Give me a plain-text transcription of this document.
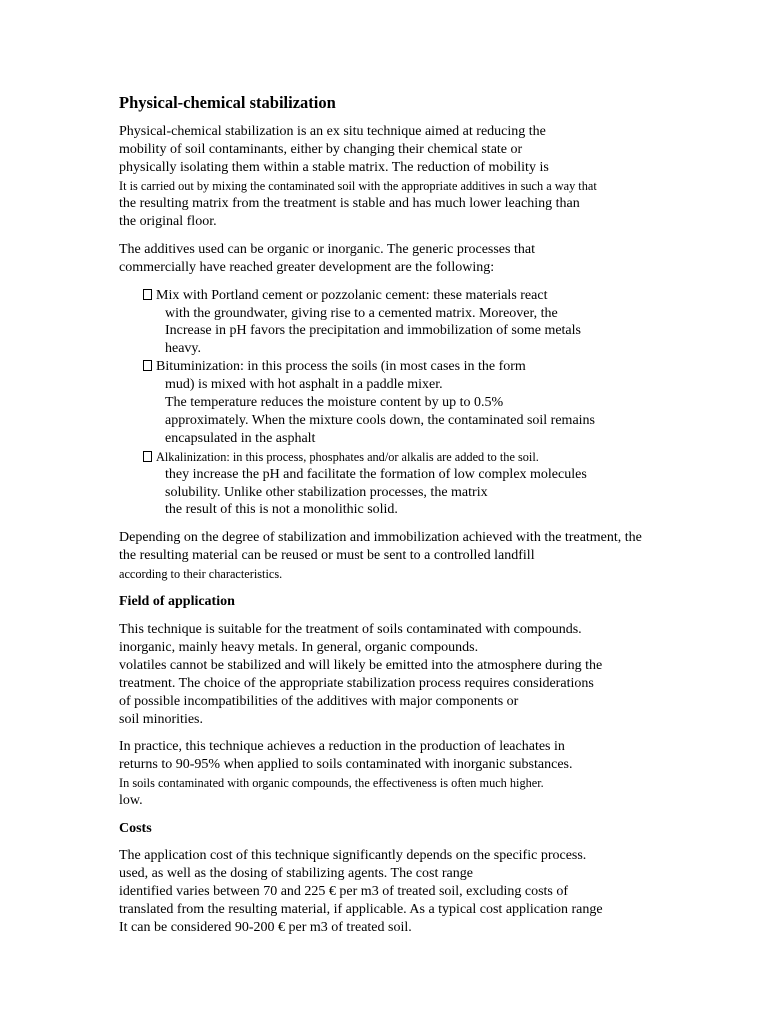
Physical-chemical stabilization
Physical-chemical stabilization is an ex situ technique aimed at reducing the
mobility of soil contaminants, either by changing their chemical state or
physically isolating them within a stable matrix. The reduction of mobility is
It is carried out by mixing the contaminated soil with the appropriate additives in such a way that
the resulting matrix from the treatment is stable and has much lower leaching than
the original floor.
The additives used can be organic or inorganic. The generic processes that
commercially have reached greater development are the following:
Mix with Portland cement or pozzolanic cement: these materials react
with the groundwater, giving rise to a cemented matrix. Moreover, the
Increase in pH favors the precipitation and immobilization of some metals
heavy.
Bituminization: in this process the soils (in most cases in the form
mud) is mixed with hot asphalt in a paddle mixer.
The temperature reduces the moisture content by up to 0.5%
approximately. When the mixture cools down, the contaminated soil remains
encapsulated in the asphalt
Alkalinization: in this process, phosphates and/or alkalis are added to the soil.
they increase the pH and facilitate the formation of low complex molecules
solubility. Unlike other stabilization processes, the matrix
the result of this is not a monolithic solid.
Depending on the degree of stabilization and immobilization achieved with the treatment, the
the resulting material can be reused or must be sent to a controlled landfill
according to their characteristics.
Field of application
This technique is suitable for the treatment of soils contaminated with compounds.
inorganic, mainly heavy metals. In general, organic compounds.
volatiles cannot be stabilized and will likely be emitted into the atmosphere during the
treatment. The choice of the appropriate stabilization process requires considerations
of possible incompatibilities of the additives with major components or
soil minorities.
In practice, this technique achieves a reduction in the production of leachates in
returns to 90-95% when applied to soils contaminated with inorganic substances.
In soils contaminated with organic compounds, the effectiveness is often much higher.
low.
Costs
The application cost of this technique significantly depends on the specific process.
used, as well as the dosing of stabilizing agents. The cost range
identified varies between 70 and 225 € per m3 of treated soil, excluding costs of
translated from the resulting material, if applicable. As a typical cost application range
It can be considered 90-200 € per m3 of treated soil.
